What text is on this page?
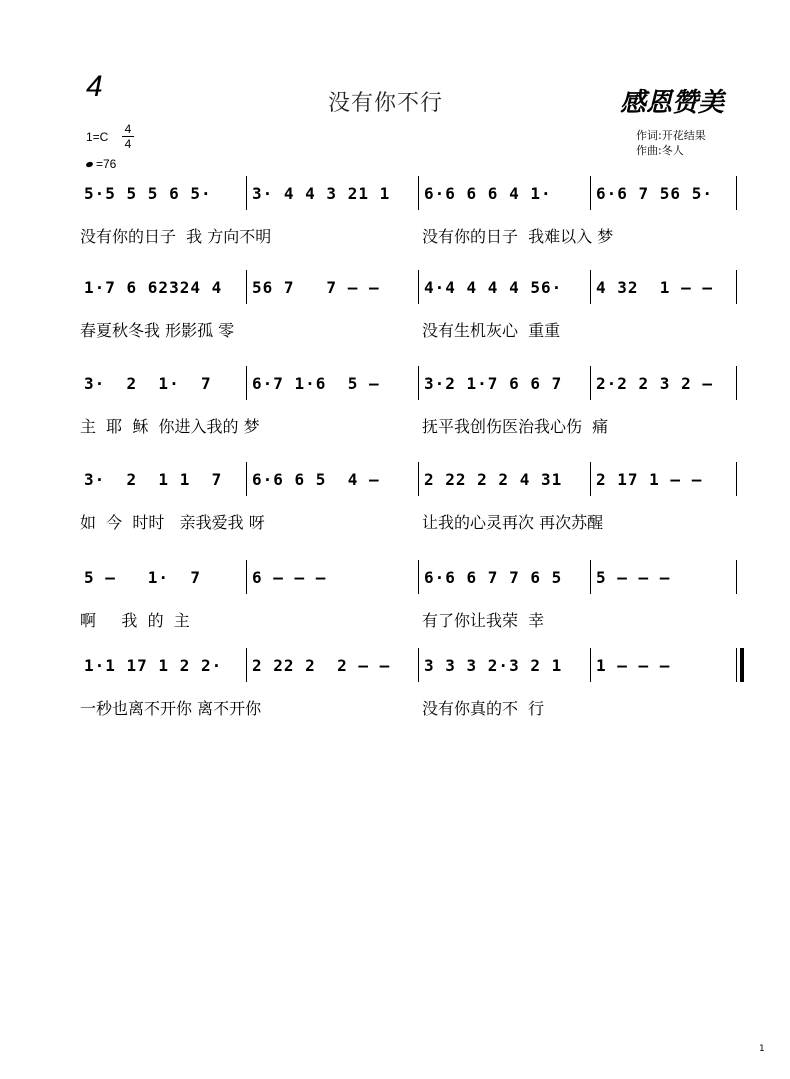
4
没有你不行	感恩赞美
作词:开花结果
作曲:冬人
1=C
4
4
=76
5·5 5 5 6 5·	3· 4 4 3 21 1 6·6 6 6 4 1·	6·6 7 56 5·
没有你的日子  我 方向不明	没有你的日子  我难以入 梦
1·7 6 62324 4 56 7   7 – –	4·4 4 4 4 56· 4 32  1 – –
春夏秋冬我 形影孤 零	没有生机灰心  重重
3·  2  1·  7	6·7 1·6  5 –	3·2 1·7 6 6 7 2·2 2 3 2 –
主  耶  稣  你进入我的 梦	抚平我创伤医治我心伤  痛
3·  2  1 1  7 6·6 6 5  4 –	2 22 2 2 4 31 2 17 1 – –
如  今  时时   亲我爱我 呀	让我的心灵再次 再次苏醒
5 –   1·  7	6 – – –	6·6 6 7 7 6 5 5 – – –
啊     我  的  主	有了你让我荣  幸
1·1 17 1 2 2· 2 22 2  2 – – 3 3 3 2·3 2 1 1 – – –
一秒也离不开你 离不开你	没有你真的不  行
1
